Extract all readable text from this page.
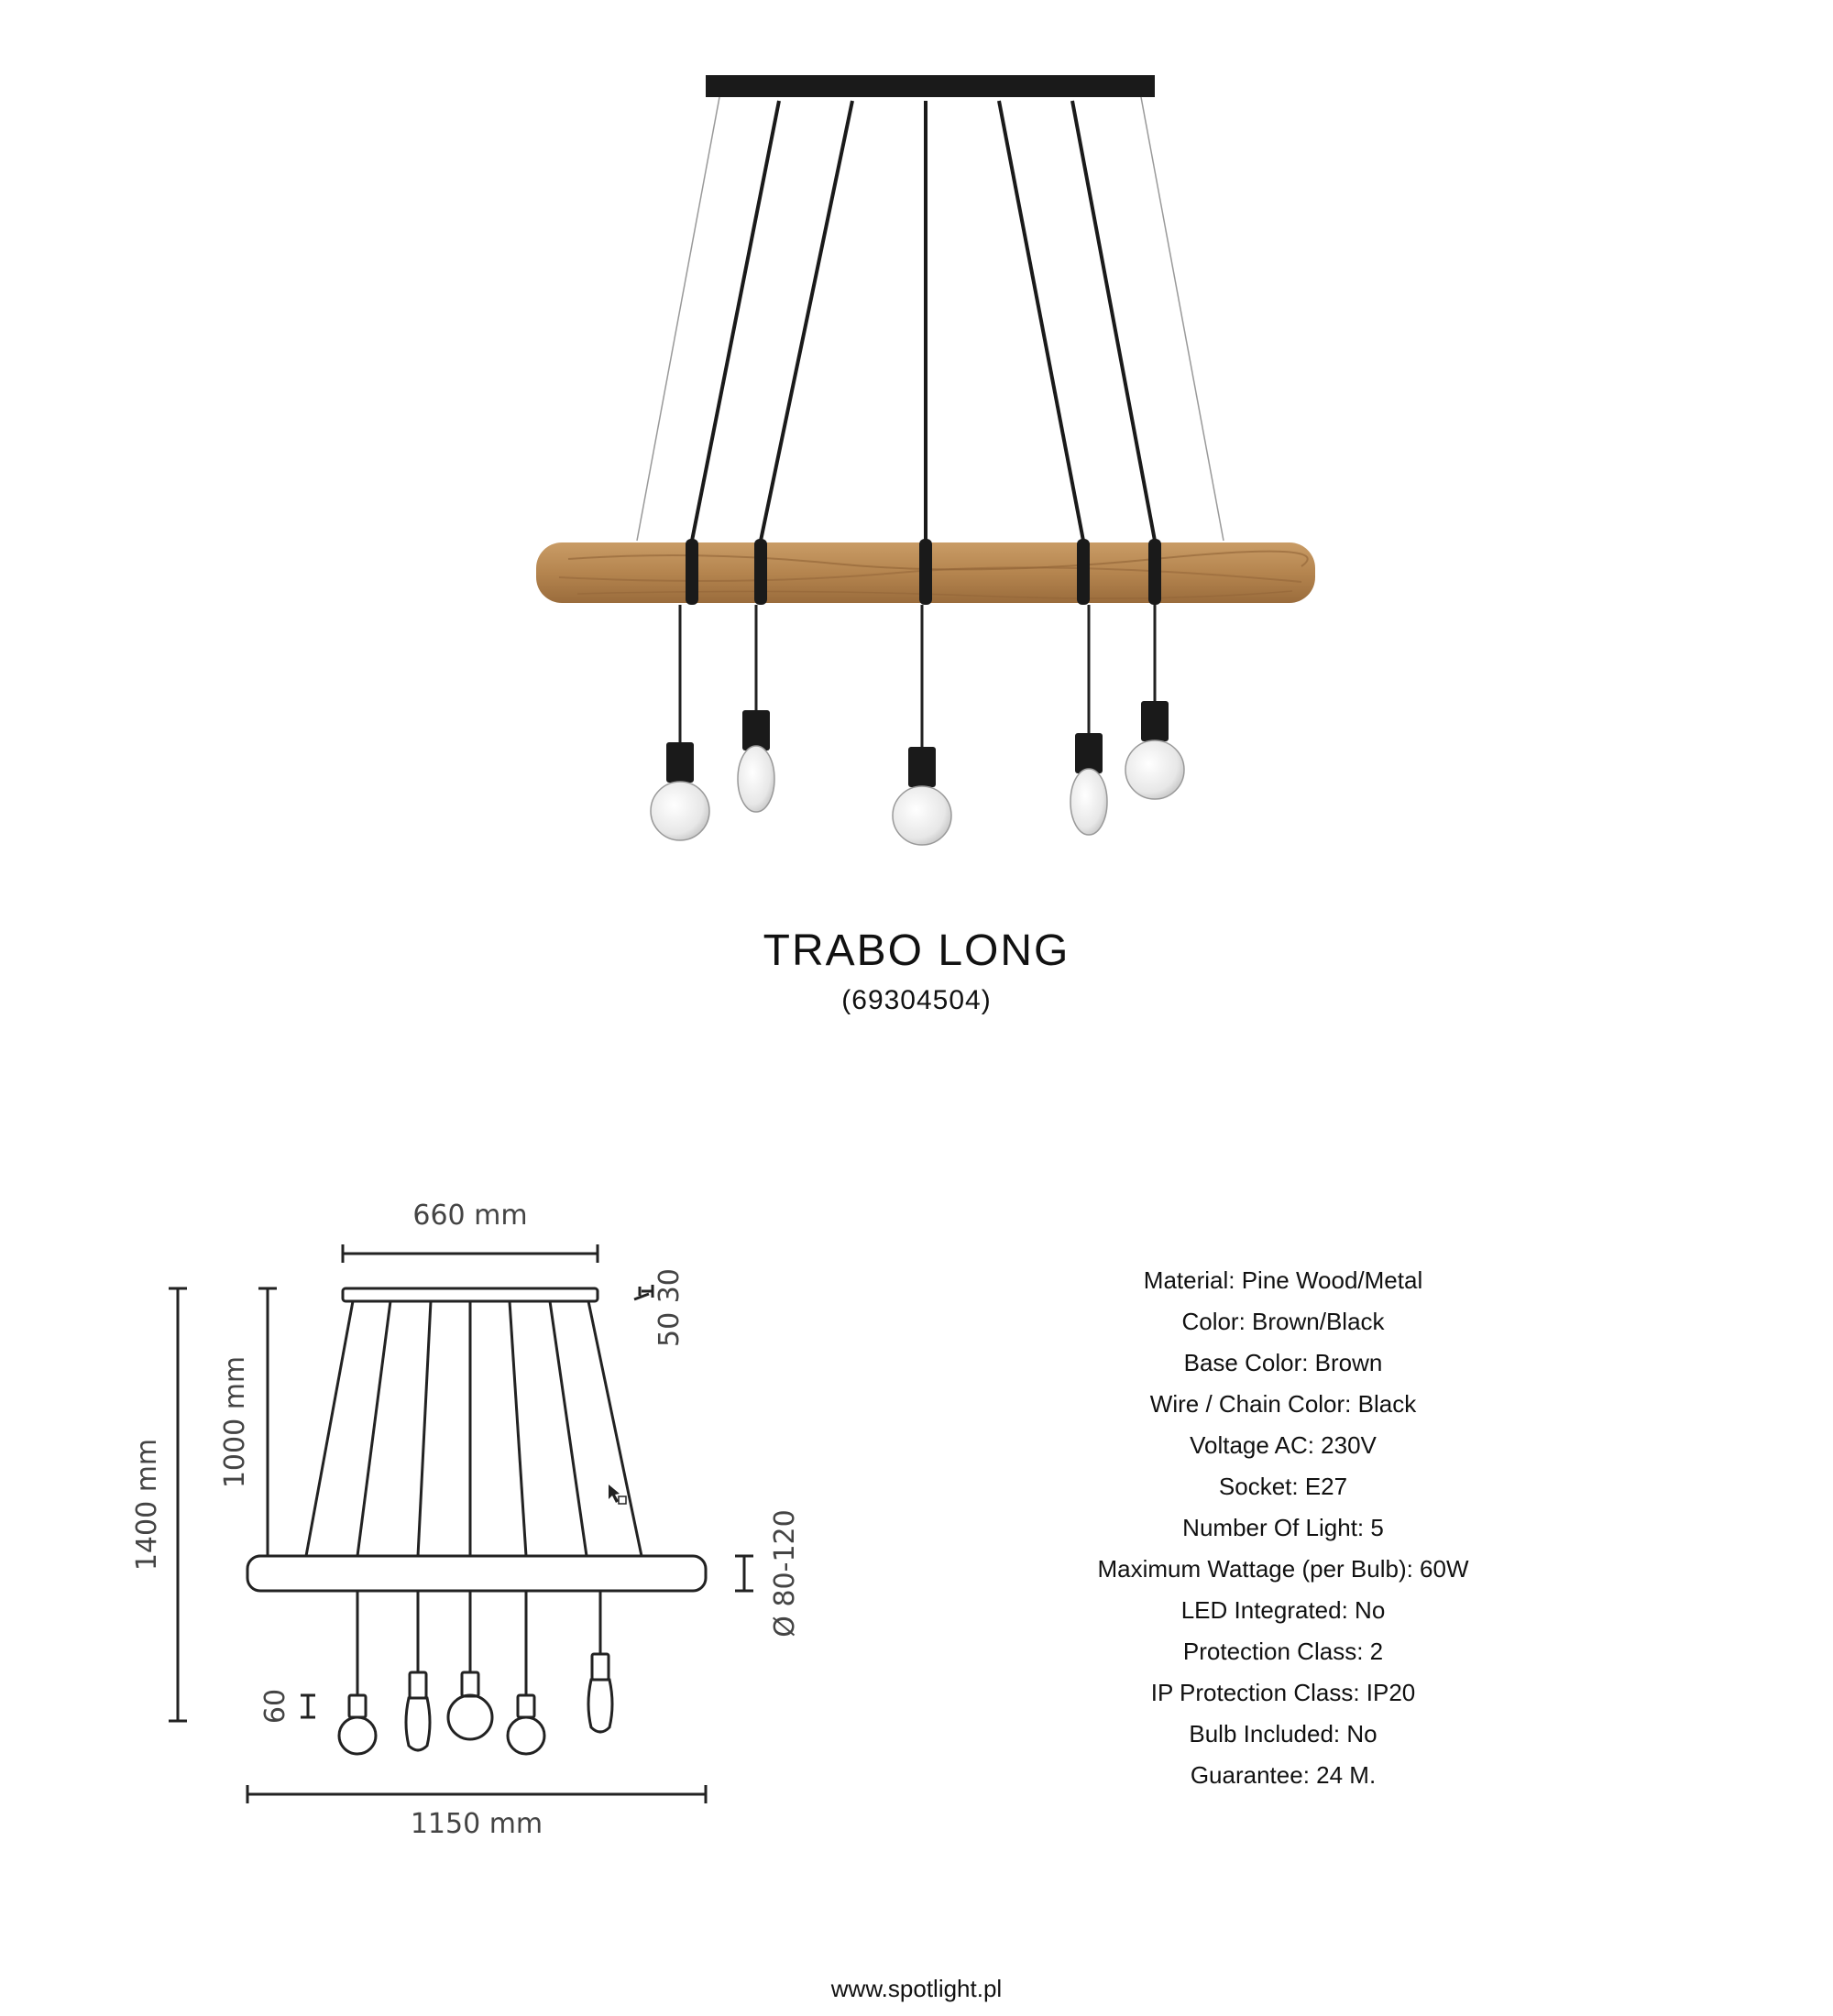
TRABO LONG
(69304504)
660 mm
50 30
1400 mm
1000 mm
Ø 80-120
60
1150 mm
Material: Pine Wood/Metal
Color: Brown/Black
Base Color: Brown
Wire / Chain Color: Black
Voltage AC: 230V
Socket: E27
Number Of Light: 5
Maximum Wattage (per Bulb): 60W
LED Integrated: No
Protection Class: 2
IP Protection Class: IP20
Bulb Included: No
Guarantee: 24 M.
www.spotlight.pl
